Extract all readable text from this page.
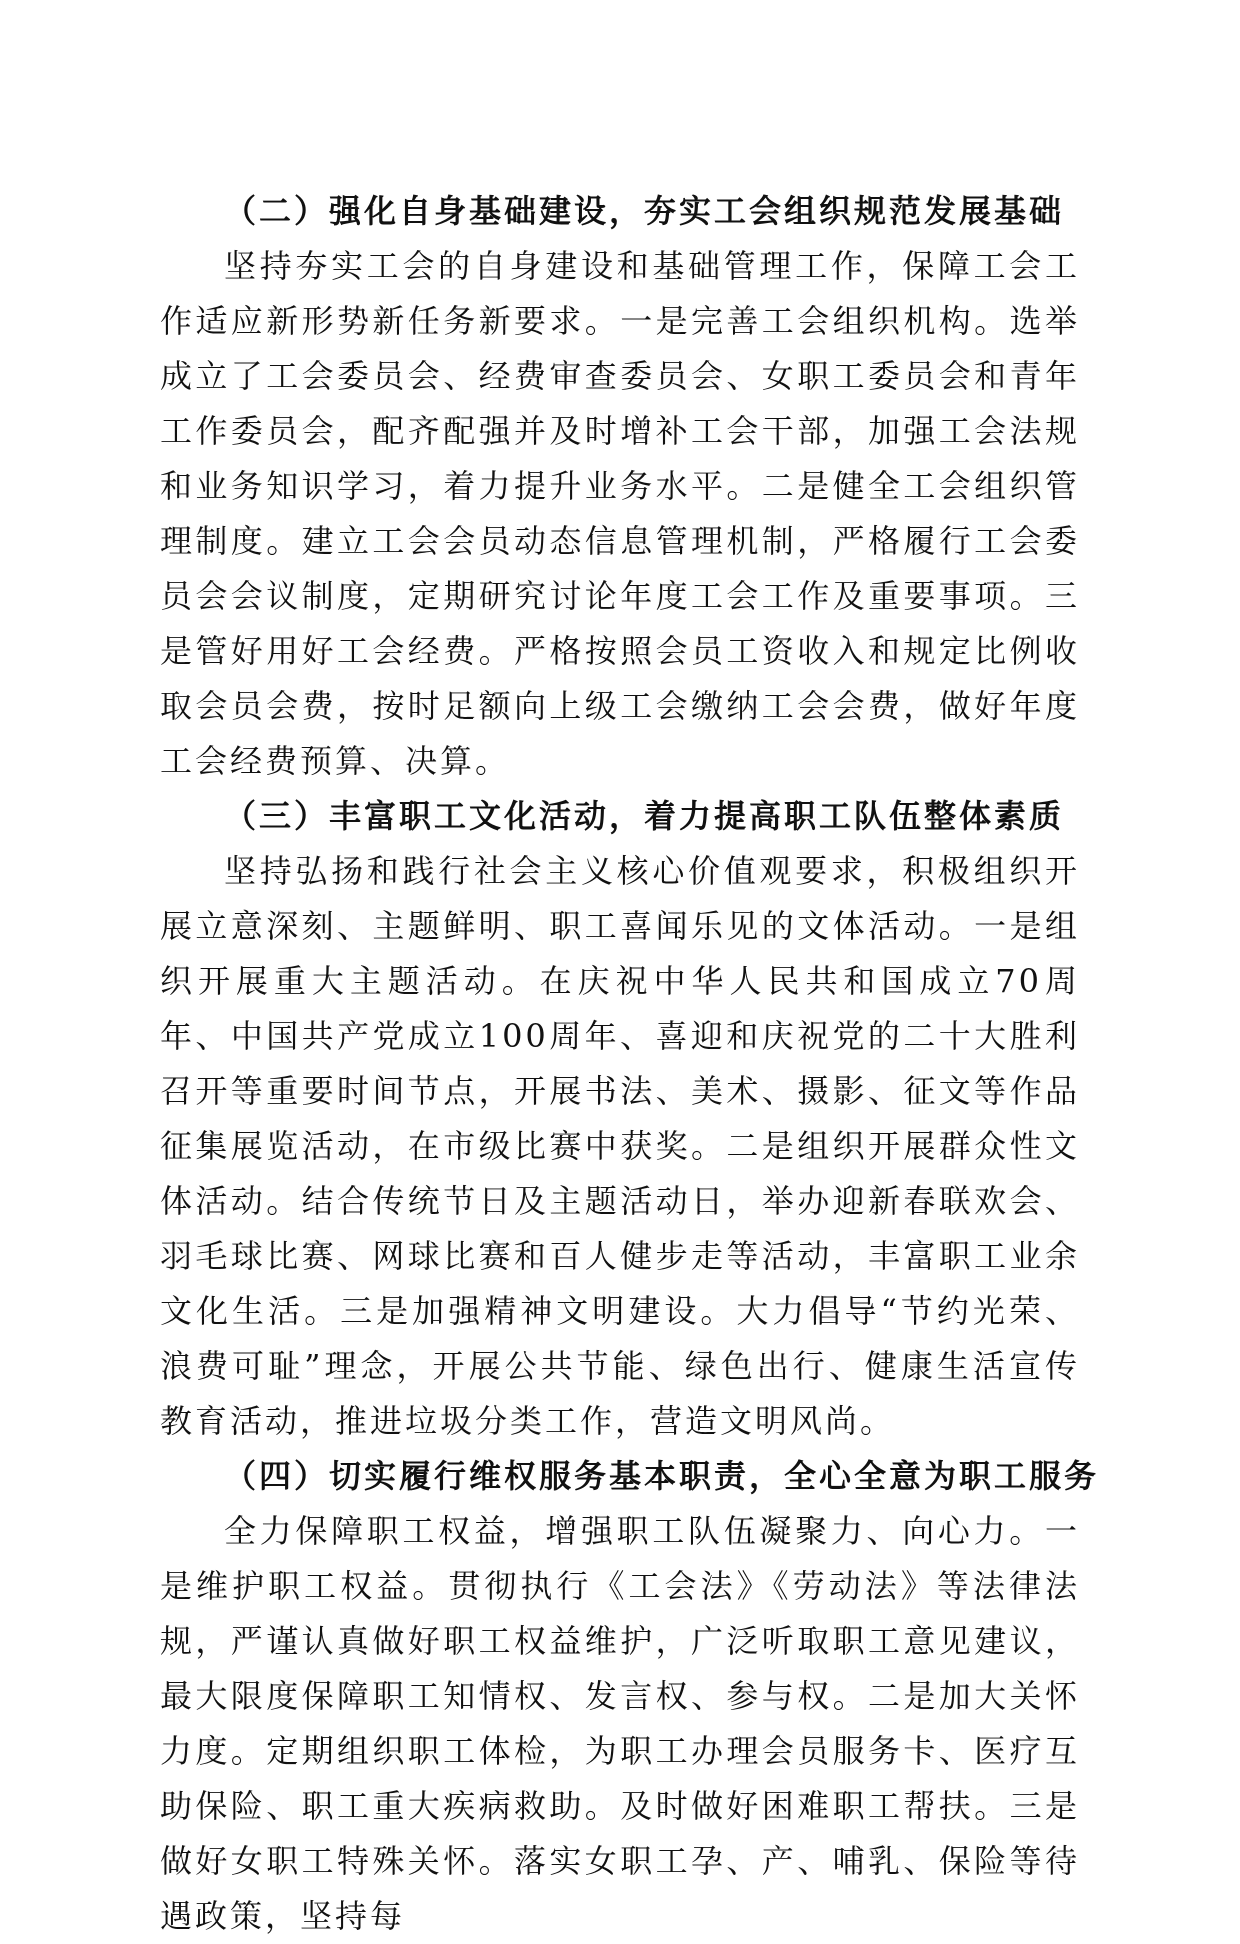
（二）强化自身基础建设，夯实工会组织规范发展基础

坚持夯实工会的自身建设和基础管理工作，保障工会工作适应新形势新任务新要求。一是完善工会组织机构。选举成立了工会委员会、经费审查委员会、女职工委员会和青年工作委员会，配齐配强并及时增补工会干部，加强工会法规和业务知识学习，着力提升业务水平。二是健全工会组织管理制度。建立工会会员动态信息管理机制，严格履行工会委员会会议制度，定期研究讨论年度工会工作及重要事项。三是管好用好工会经费。严格按照会员工资收入和规定比例收取会员会费，按时足额向上级工会缴纳工会会费，做好年度工会经费预算、决算。

（三）丰富职工文化活动，着力提高职工队伍整体素质

坚持弘扬和践行社会主义核心价值观要求，积极组织开展立意深刻、主题鲜明、职工喜闻乐见的文体活动。一是组织开展重大主题活动。在庆祝中华人民共和国成立70周年、中国共产党成立100周年、喜迎和庆祝党的二十大胜利召开等重要时间节点，开展书法、美术、摄影、征文等作品征集展览活动，在市级比赛中获奖。二是组织开展群众性文体活动。结合传统节日及主题活动日，举办迎新春联欢会、羽毛球比赛、网球比赛和百人健步走等活动，丰富职工业余文化生活。三是加强精神文明建设。大力倡导“节约光荣、浪费可耻”理念，开展公共节能、绿色出行、健康生活宣传教育活动，推进垃圾分类工作，营造文明风尚。

（四）切实履行维权服务基本职责，全心全意为职工服务

全力保障职工权益，增强职工队伍凝聚力、向心力。一是维护职工权益。贯彻执行《工会法》《劳动法》等法律法规，严谨认真做好职工权益维护，广泛听取职工意见建议，最大限度保障职工知情权、发言权、参与权。二是加大关怀力度。定期组织职工体检，为职工办理会员服务卡、医疗互助保险、职工重大疾病救助。及时做好困难职工帮扶。三是做好女职工特殊关怀。落实女职工孕、产、哺乳、保险等待遇政策，坚持每
